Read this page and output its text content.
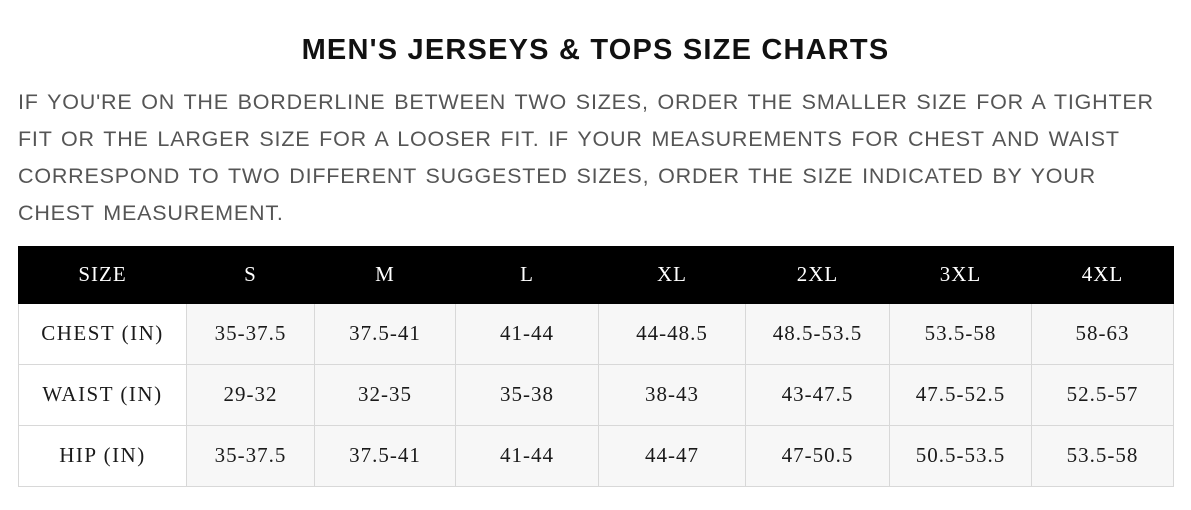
MEN'S JERSEYS & TOPS SIZE CHARTS
IF YOU'RE ON THE BORDERLINE BETWEEN TWO SIZES, ORDER THE SMALLER SIZE FOR A TIGHTER FIT OR THE LARGER SIZE FOR A LOOSER FIT. IF YOUR MEASUREMENTS FOR CHEST AND WAIST CORRESPOND TO TWO DIFFERENT SUGGESTED SIZES, ORDER THE SIZE INDICATED BY YOUR CHEST MEASUREMENT.
SIZE	S	M	L	XL	2XL	3XL	4XL
CHEST (IN)	35-37.5	37.5-41	41-44	44-48.5	48.5-53.5	53.5-58	58-63
WAIST (IN)	29-32	32-35	35-38	38-43	43-47.5	47.5-52.5	52.5-57
HIP (IN)	35-37.5	37.5-41	41-44	44-47	47-50.5	50.5-53.5	53.5-58
